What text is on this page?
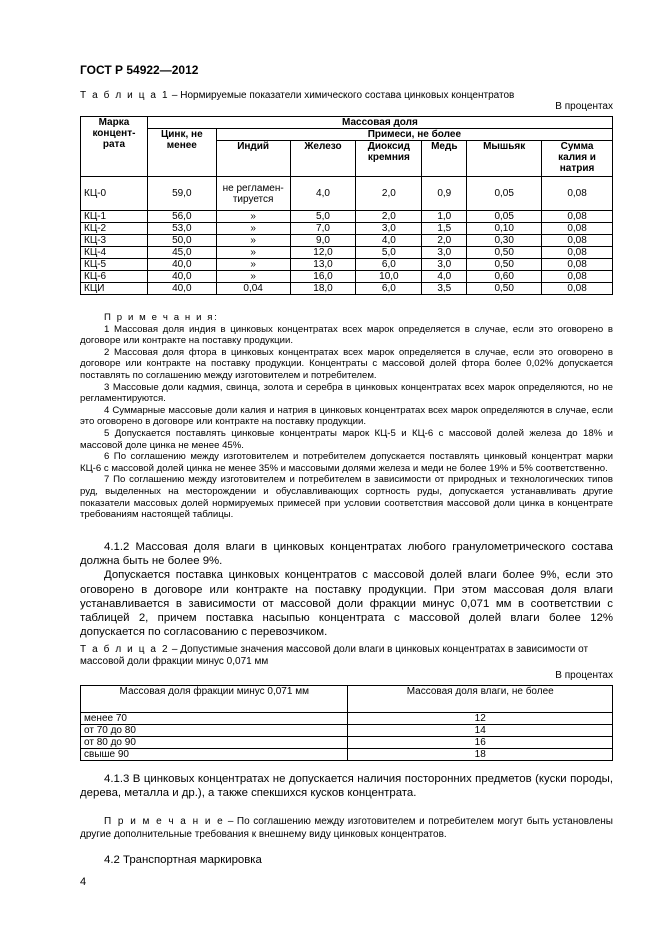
ГОСТ Р 54922—2012
Т а б л и ц а 1 – Нормируемые показатели химического состава цинковых концентратов
В процентах
Марка концент-рата	Массовая доля						
	Цинк, не менее	Примеси, не более					
		Индий	Железо	Диоксид кремния	Медь	Мышьяк	Сумма калия и натрия
КЦ-0	59,0	не регламен-тируется	4,0	2,0	0,9	0,05	0,08
КЦ-1	56,0	»	5,0	2,0	1,0	0,05	0,08
КЦ-2	53,0	»	7,0	3,0	1,5	0,10	0,08
КЦ-3	50,0	»	9,0	4,0	2,0	0,30	0,08
КЦ-4	45,0	»	12,0	5,0	3,0	0,50	0,08
КЦ-5	40,0	»	13,0	6,0	3,0	0,50	0,08
КЦ-6	40,0	»	16,0	10,0	4,0	0,60	0,08
КЦИ	40,0	0,04	18,0	6,0	3,5	0,50	0,08

П р и м е ч а н и я:

1 Массовая доля индия в цинковых концентратах всех марок определяется в случае, если это оговорено в договоре или контракте на поставку продукции.

2 Массовая доля фтора в цинковых концентратах всех марок определяется в случае, если это оговорено в договоре или контракте на поставку продукции. Концентраты с массовой долей фтора более 0,02% допускается поставлять по соглашению между изготовителем и потребителем.

3 Массовые доли кадмия, свинца, золота и серебра в цинковых концентратах всех марок определяются, но не регламентируются.

4 Суммарные массовые доли калия и натрия в цинковых концентратах всех марок определяются в случае, если это оговорено в договоре или контракте на поставку продукции.

5 Допускается поставлять цинковые концентраты марок КЦ-5 и КЦ-6 с массовой долей железа до 18% и массовой доле цинка не менее 45%.

6 По соглашению между изготовителем и потребителем допускается поставлять цинковый концентрат марки КЦ-6 с массовой долей цинка не менее 35% и массовыми долями железа и меди не более 19% и 5% соответственно.

7 По соглашению между изготовителем и потребителем в зависимости от природных и технологических типов руд, выделенных на месторождении и обуславливающих сортность руды, допускается устанавливать другие показатели массовых долей нормируемых примесей при условии соответствия массовой доли цинка в концентрате требованиям настоящей таблицы.

4.1.2 Массовая доля влаги в цинковых концентратах любого гранулометрического состава должна быть не более 9%.

Допускается поставка цинковых концентратов с массовой долей влаги более 9%, если это оговорено в договоре или контракте на поставку продукции. При этом массовая доля влаги устанавливается в зависимости от массовой доли фракции минус 0,071 мм в соответствии с таблицей 2, причем поставка насыпью концентрата с массовой долей влаги более 12% допускается по согласованию с перевозчиком.

Т а б л и ц а 2 – Допустимые значения массовой доли влаги в цинковых концентратах в зависимости от массовой доли фракции минус 0,071 мм
В процентах
Массовая доля фракции минус 0,071 мм	Массовая доля влаги, не более
менее 70	12
от 70 до 80	14
от 80 до 90	16
свыше 90	18

4.1.3 В цинковых концентратах не допускается наличия посторонних предметов (куски породы, дерева, металла и др.), а также спекшихся кусков концентрата.

П р и м е ч а н и е – По соглашению между изготовителем и потребителем могут быть установлены другие дополнительные требования к внешнему виду цинковых концентратов.

4.2 Транспортная маркировка

4
